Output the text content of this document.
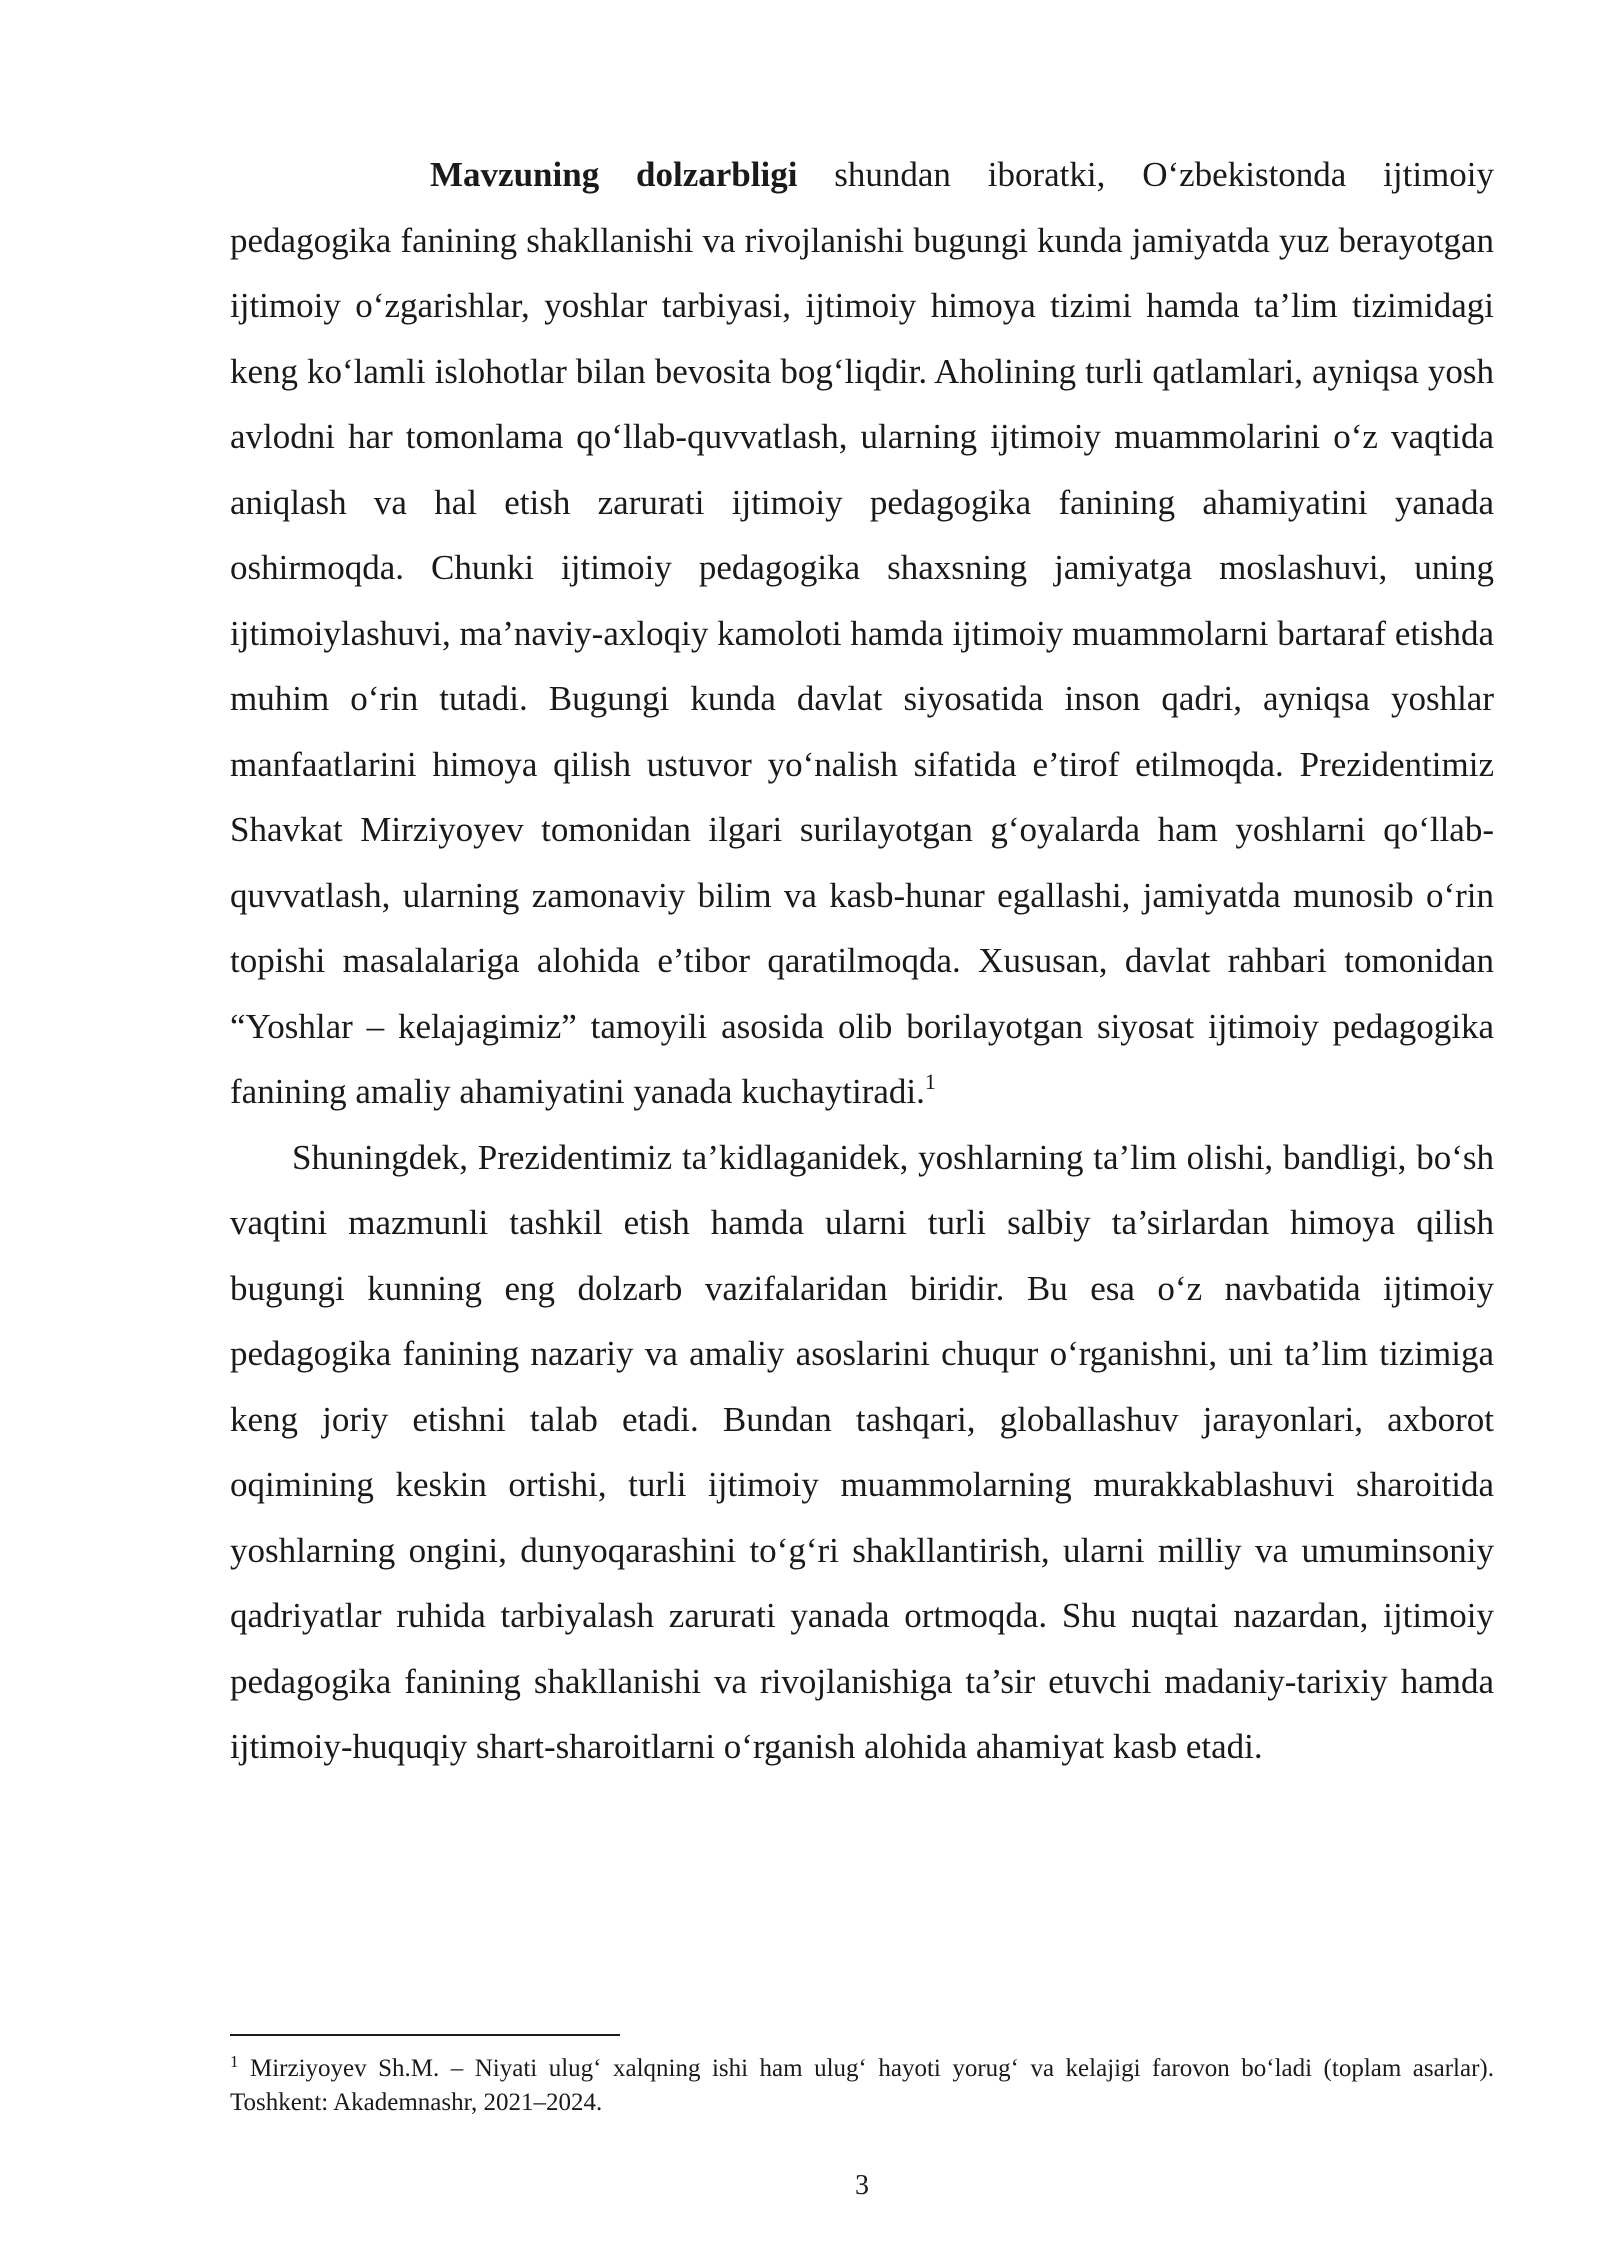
Mavzuning dolzarbligi shundan iboratki, O‘zbekistonda ijtimoiy pedagogika fanining shakllanishi va rivojlanishi bugungi kunda jamiyatda yuz berayotgan ijtimoiy o‘zgarishlar, yoshlar tarbiyasi, ijtimoiy himoya tizimi hamda ta’lim tizimidagi keng ko‘lamli islohotlar bilan bevosita bog‘liqdir. Aholining turli qatlamlari, ayniqsa yosh avlodni har tomonlama qo‘llab-quvvatlash, ularning ijtimoiy muammolarini o‘z vaqtida aniqlash va hal etish zarurati ijtimoiy pedagogika fanining ahamiyatini yanada oshirmoqda. Chunki ijtimoiy pedagogika shaxsning jamiyatga moslashuvi, uning ijtimoiylashuvi, ma’naviy-axloqiy kamoloti hamda ijtimoiy muammolarni bartaraf etishda muhim o‘rin tutadi. Bugungi kunda davlat siyosatida inson qadri, ayniqsa yoshlar manfaatlarini himoya qilish ustuvor yo‘nalish sifatida e’tirof etilmoqda. Prezidentimiz Shavkat Mirziyoyev tomonidan ilgari surilayotgan g‘oyalarda ham yoshlarni qo‘llab-quvvatlash, ularning zamonaviy bilim va kasb-hunar egallashi, jamiyatda munosib o‘rin topishi masalalariga alohida e’tibor qaratilmoqda. Xususan, davlat rahbari tomonidan “Yoshlar – kelajagimiz” tamoyili asosida olib borilayotgan siyosat ijtimoiy pedagogika fanining amaliy ahamiyatini yanada kuchaytiradi.$^1$

Shuningdek, Prezidentimiz ta’kidlaganidek, yoshlarning ta’lim olishi, bandligi, bo‘sh vaqtini mazmunli tashkil etish hamda ularni turli salbiy ta’sirlardan himoya qilish bugungi kunning eng dolzarb vazifalaridan biridir. Bu esa o‘z navbatida ijtimoiy pedagogika fanining nazariy va amaliy asoslarini chuqur o‘rganishni, uni ta’lim tizimiga keng joriy etishni talab etadi. Bundan tashqari, globallashuv jarayonlari, axborot oqimining keskin ortishi, turli ijtimoiy muammolarning murakkablashuvi sharoitida yoshlarning ongini, dunyoqarashini to‘g‘ri shakllantirish, ularni milliy va umuminsoniy qadriyatlar ruhida tarbiyalash zarurati yanada ortmoqda. Shu nuqtai nazardan, ijtimoiy pedagogika fanining shakllanishi va rivojlanishiga ta’sir etuvchi madaniy-tarixiy hamda ijtimoiy-huquqiy shart-sharoitlarni o‘rganish alohida ahamiyat kasb etadi.

$^1$ Mirziyoyev Sh.M. – Niyati ulug‘ xalqning ishi ham ulug‘ hayoti yorug‘ va kelajigi farovon bo‘ladi (toplam asarlar). Toshkent: Akademnashr, 2021–2024.

3
